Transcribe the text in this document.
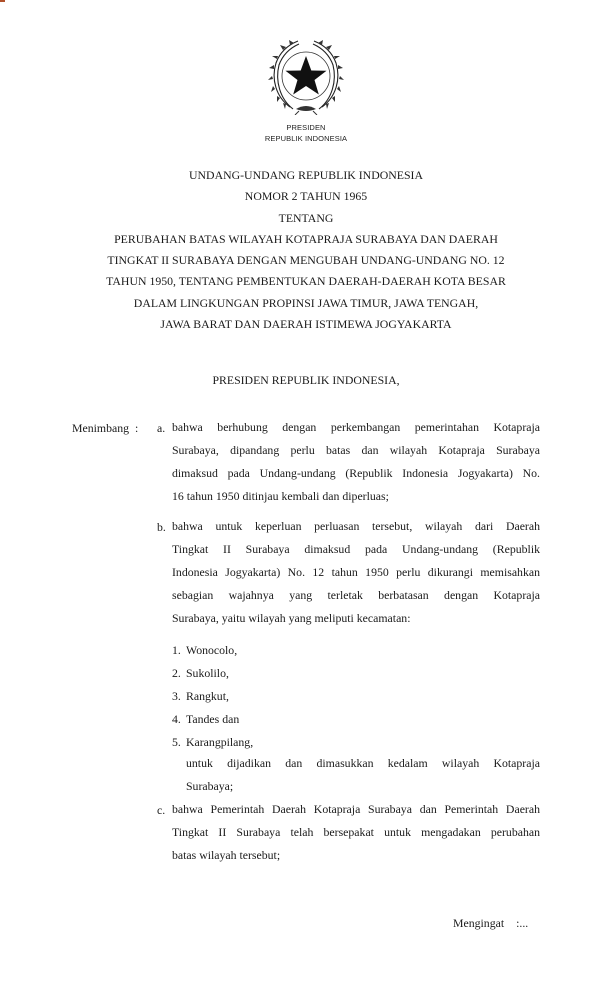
PRESIDEN
REPUBLIK INDONESIA
UNDANG-UNDANG REPUBLIK INDONESIA
NOMOR 2 TAHUN 1965
TENTANG
PERUBAHAN BATAS WILAYAH KOTAPRAJA SURABAYA DAN DAERAH
TINGKAT II SURABAYA DENGAN MENGUBAH UNDANG-UNDANG NO. 12
TAHUN 1950, TENTANG PEMBENTUKAN DAERAH-DAERAH KOTA BESAR
DALAM LINGKUNGAN PROPINSI JAWA TIMUR, JAWA TENGAH,
JAWA BARAT DAN DAERAH ISTIMEWA JOGYAKARTA
PRESIDEN REPUBLIK INDONESIA,
Menimbang : a. bahwa berhubung dengan perkembangan pemerintahan Kotapraja
Surabaya, dipandang perlu batas dan wilayah Kotapraja Surabaya
dimaksud pada Undang-undang (Republik Indonesia Jogyakarta) No.
16 tahun 1950 ditinjau kembali dan diperluas;
b. bahwa untuk keperluan perluasan tersebut, wilayah dari Daerah
Tingkat II Surabaya dimaksud pada Undang-undang (Republik
Indonesia Jogyakarta) No. 12 tahun 1950 perlu dikurangi memisahkan
sebagian wajahnya yang terletak berbatasan dengan Kotapraja
Surabaya, yaitu wilayah yang meliputi kecamatan:
1. Wonocolo,
2. Sukolilo,
3. Rangkut,
4. Tandes dan
5. Karangpilang,
untuk dijadikan dan dimasukkan kedalam wilayah Kotapraja
Surabaya;
c. bahwa Pemerintah Daerah Kotapraja Surabaya dan Pemerintah Daerah
Tingkat II Surabaya telah bersepakat untuk mengadakan perubahan
batas wilayah tersebut;
Mengingat :...
